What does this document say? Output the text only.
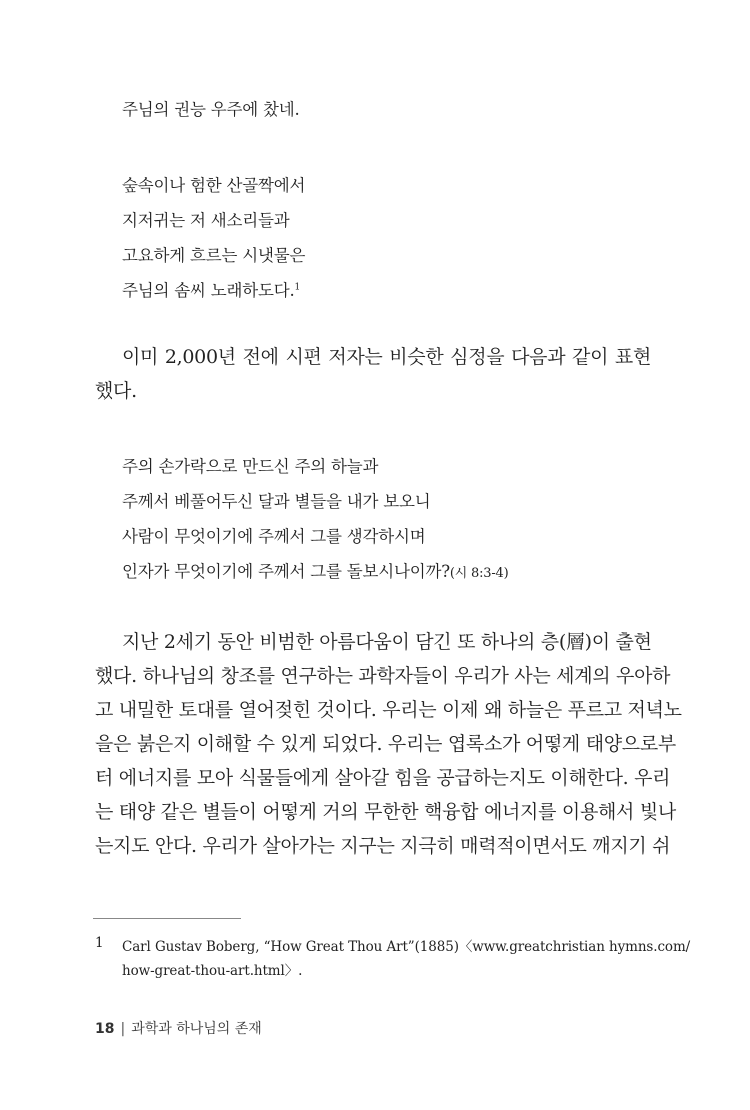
주님의 권능 우주에 찼네.
숲속이나 험한 산골짝에서
지저귀는 저 새소리들과
고요하게 흐르는 시냇물은
주님의 솜씨 노래하도다.$^1$
이미 2,000년 전에 시편 저자는 비슷한 심정을 다음과 같이 표현
했다.
주의 손가락으로 만드신 주의 하늘과
주께서 베풀어두신 달과 별들을 내가 보오니
사람이 무엇이기에 주께서 그를 생각하시며
인자가 무엇이기에 주께서 그를 돌보시나이까?(시 8:3-4)
지난 2세기 동안 비범한 아름다움이 담긴 또 하나의 층(層)이 출현
했다. 하나님의 창조를 연구하는 과학자들이 우리가 사는 세계의 우아하
고 내밀한 토대를 열어젖힌 것이다. 우리는 이제 왜 하늘은 푸르고 저녁노
을은 붉은지 이해할 수 있게 되었다. 우리는 엽록소가 어떻게 태양으로부
터 에너지를 모아 식물들에게 살아갈 힘을 공급하는지도 이해한다. 우리
는 태양 같은 별들이 어떻게 거의 무한한 핵융합 에너지를 이용해서 빛나
는지도 안다. 우리가 살아가는 지구는 지극히 매력적이면서도 깨지기 쉬
1 Carl Gustav Boberg, “How Great Thou Art”(1885)〈www.greatchristian hymns.com/
how-great-thou-art.html〉.
18 | 과학과 하나님의 존재
